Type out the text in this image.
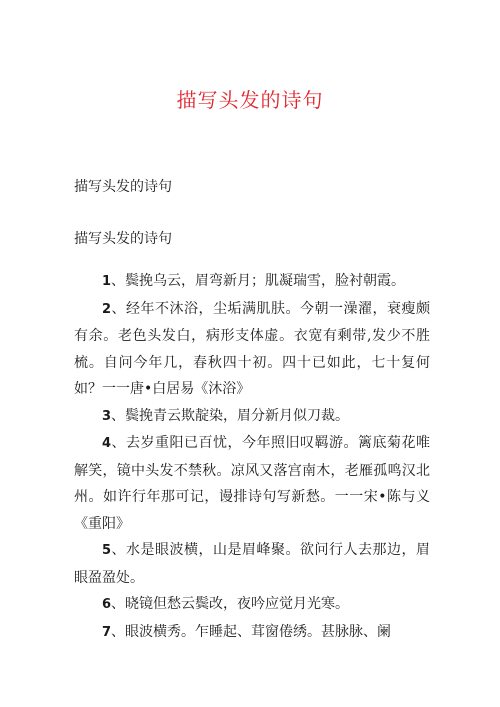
描写头发的诗句
描写头发的诗句
描写头发的诗句

1、鬓挽乌云，眉弯新月；肌凝瑞雪，脸衬朝霞。

2、经年不沐浴，尘垢满肌肤。今朝一澡濯，衰瘦颇有余。老色头发白，病形支体虚。衣宽有剩带,发少不胜梳。自问今年几，春秋四十初。四十已如此，七十复何如？一一唐•白居易《沐浴》

3、鬓挽青云欺靛染，眉分新月似刀裁。

4、去岁重阳已百忧，今年照旧叹羁游。篱底菊花唯解笑，镜中头发不禁秋。凉风又落宫南木，老雁孤鸣汉北州。如许行年那可记，谩排诗句写新愁。一一宋•陈与义《重阳》

5、水是眼波横，山是眉峰聚。欲问行人去那边，眉眼盈盈处。

6、晓镜但愁云鬓改，夜吟应觉月光寒。

7、眼波横秀。乍睡起、茸窗倦绣。甚脉脉、阑
